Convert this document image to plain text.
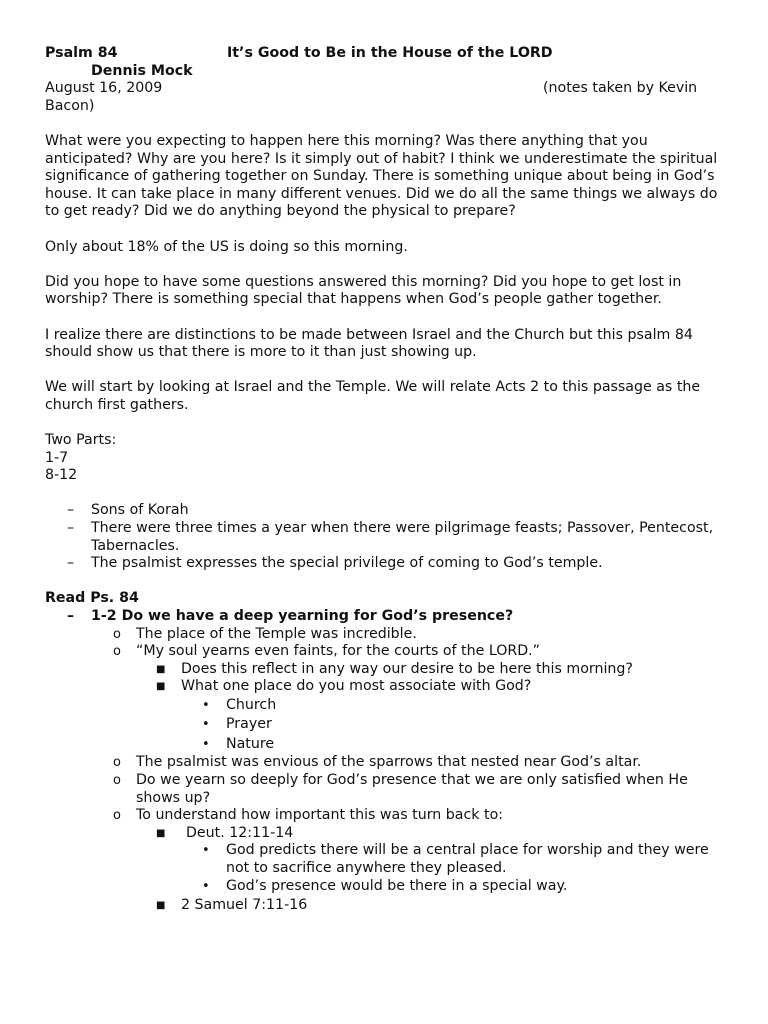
Psalm 84	It’s Good to Be in the House of the LORD
Dennis Mock
August 16, 2009	(notes taken by Kevin
Bacon)

What were you expecting to happen here this morning? Was there anything that you anticipated? Why are you here? Is it simply out of habit? I think we underestimate the spiritual significance of gathering together on Sunday. There is something unique about being in God’s house. It can take place in many different venues. Did we do all the same things we always do to get ready? Did we do anything beyond the physical to prepare?

Only about 18% of the US is doing so this morning.

Did you hope to have some questions answered this morning? Did you hope to get lost in worship? There is something special that happens when God’s people gather together.

I realize there are distinctions to be made between Israel and the Church but this psalm 84 should show us that there is more to it than just showing up.

We will start by looking at Israel and the Temple. We will relate Acts 2 to this passage as the church first gathers.

Two Parts:
1-7
8-12
– Sons of Korah
– There were three times a year when there were pilgrimage feasts; Passover, Pentecost, Tabernacles.
– The psalmist expresses the special privilege of coming to God’s temple.
Read Ps. 84
– 1-2 Do we have a deep yearning for God’s presence?
o The place of the Temple was incredible.
o “My soul yearns even faints, for the courts of the LORD.”
■ Does this reflect in any way our desire to be here this morning?
■ What one place do you most associate with God?
• Church
• Prayer
• Nature
o The psalmist was envious of the sparrows that nested near God’s altar.
o Do we yearn so deeply for God’s presence that we are only satisfied when He shows up?
o To understand how important this was turn back to:
■ Deut. 12:11-14
• God predicts there will be a central place for worship and they were not to sacrifice anywhere they pleased.
• God’s presence would be there in a special way.
■ 2 Samuel 7:11-16
